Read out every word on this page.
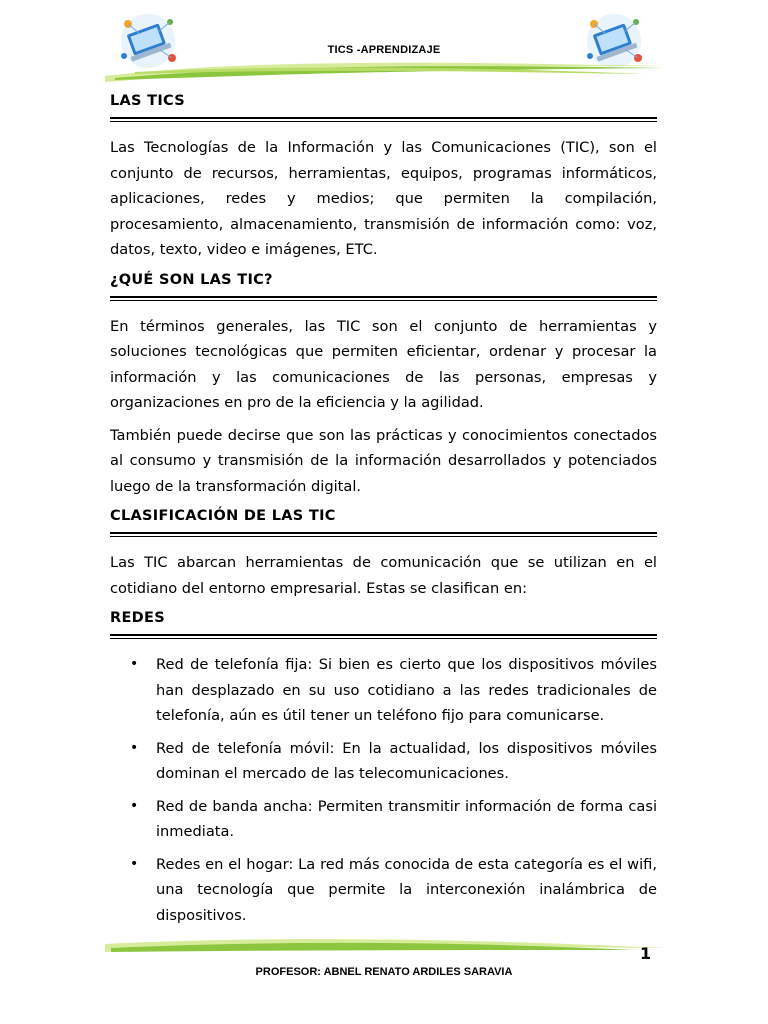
TICS -APRENDIZAJE
LAS TICS

Las Tecnologías de la Información y las Comunicaciones (TIC), son el conjunto de recursos, herramientas, equipos, programas informáticos, aplicaciones, redes y medios; que permiten la compilación, procesamiento, almacenamiento, transmisión de información como: voz, datos, texto, video e imágenes, ETC.

¿QUÉ SON LAS TIC?

En términos generales, las TIC son el conjunto de herramientas y soluciones tecnológicas que permiten eficientar, ordenar y procesar la información y las comunicaciones de las personas, empresas y organizaciones en pro de la eficiencia y la agilidad.

También puede decirse que son las prácticas y conocimientos conectados al consumo y transmisión de la información desarrollados y potenciados luego de la transformación digital.

CLASIFICACIÓN DE LAS TIC

Las TIC abarcan herramientas de comunicación que se utilizan en el cotidiano del entorno empresarial. Estas se clasifican en:

REDES
• Red de telefonía fija: Si bien es cierto que los dispositivos móviles han desplazado en su uso cotidiano a las redes tradicionales de telefonía, aún es útil tener un teléfono fijo para comunicarse.
• Red de telefonía móvil: En la actualidad, los dispositivos móviles dominan el mercado de las telecomunicaciones.
• Red de banda ancha: Permiten transmitir información de forma casi inmediata.
• Redes en el hogar: La red más conocida de esta categoría es el wifi, una tecnología que permite la interconexión inalámbrica de dispositivos.
1
PROFESOR: ABNEL RENATO ARDILES SARAVIA
